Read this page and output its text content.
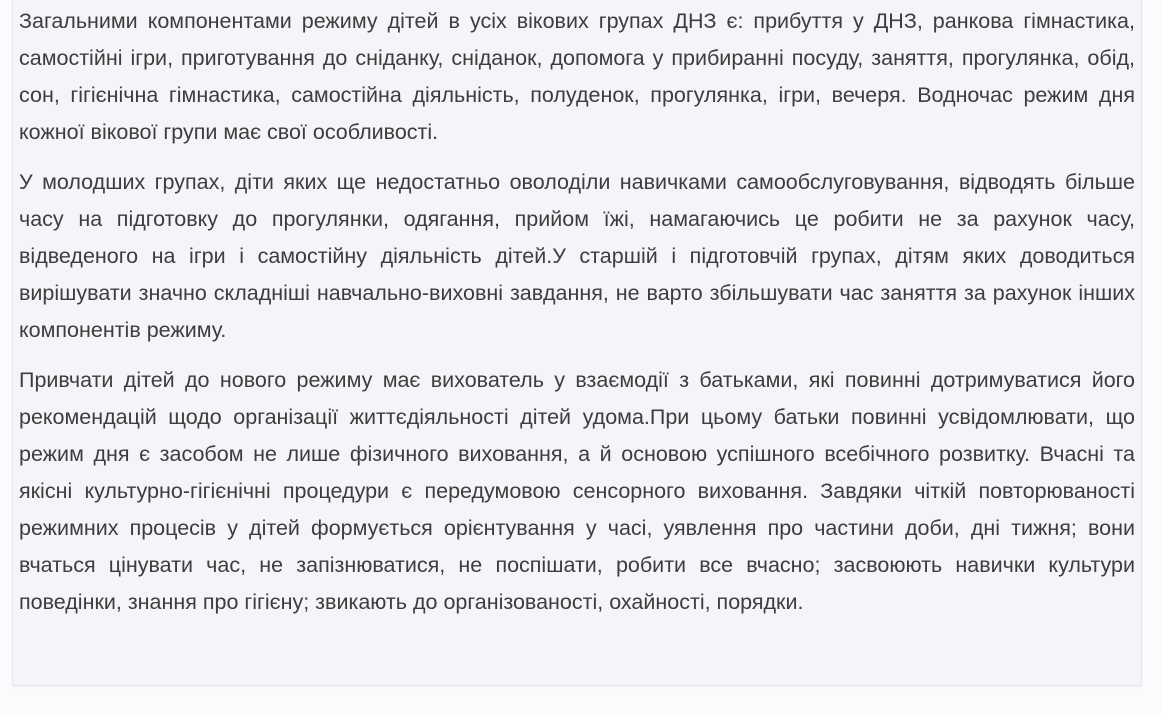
Загальними компонентами режиму дітей в усіх вікових групах ДНЗ є: прибуття у ДНЗ, ранкова гімнастика, самостійні ігри, приготування до сніданку, сніданок, допомога у прибиранні посуду, заняття, прогулянка, обід, сон, гігієнічна гімнастика, самостійна діяльність, полуденок, прогулянка, ігри, вечеря. Водночас режим дня кожної вікової групи має свої особливості.

У молодших групах, діти яких ще недостатньо оволоділи навичками самообслуговування, відводять більше часу на підготовку до прогулянки, одягання, прийом їжі, намагаючись це робити не за рахунок часу, відведеного на ігри і самостійну діяльність дітей.У старшій і підготовчій групах, дітям яких доводиться вирішувати значно складніші навчально-виховні завдання, не варто збільшувати час заняття за рахунок інших компонентів режиму.

Привчати дітей до нового режиму має вихователь у взаємодії з батьками, які повинні дотримуватися його рекомендацій щодо організації життєдіяльності дітей удома.При цьому батьки повинні усвідомлювати, що режим дня є засобом не лише фізичного виховання, а й основою успішного всебічного розвитку. Вчасні та якісні культурно-гігієнічні процедури є передумовою сенсорного виховання. Завдяки чіткій повторюваності режимних процесів у дітей формується орієнтування у часі, уявлення про частини доби, дні тижня; вони вчаться цінувати час, не запізнюватися, не поспішати, робити все вчасно; засвоюють навички культури поведінки, знання про гігієну; звикають до організованості, охайності, порядки.
